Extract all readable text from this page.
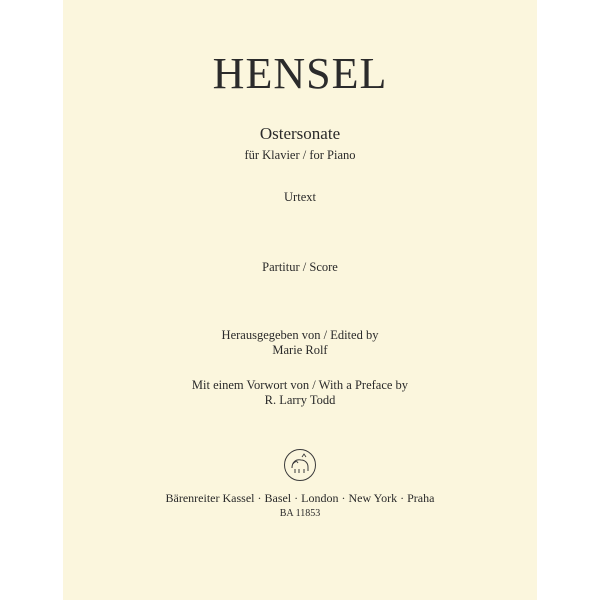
HENSEL
Ostersonate
für Klavier / for Piano
Urtext
Partitur / Score
Herausgegeben von / Edited by
Marie Rolf
Mit einem Vorwort von / With a Preface by
R. Larry Todd
Bärenreiter Kassel · Basel · London · New York · Praha
BA 11853
